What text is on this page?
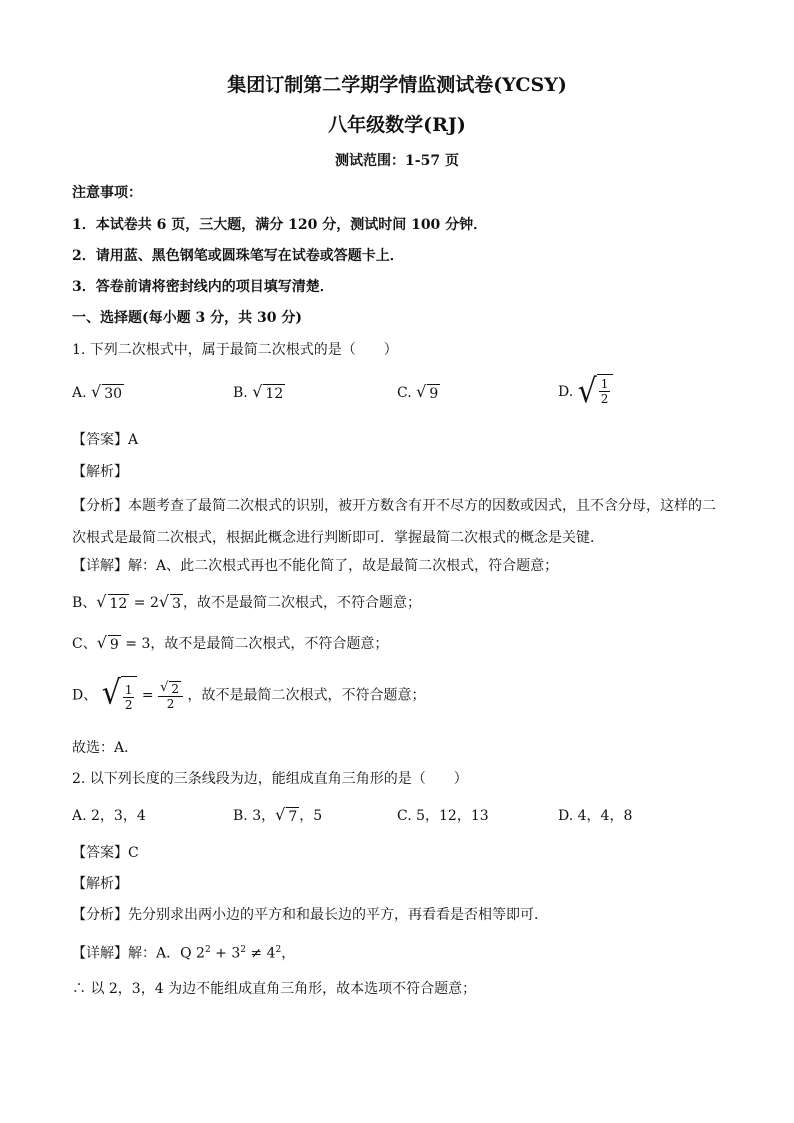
集团订制第二学期学情监测试卷(YCSY)
八年级数学(RJ)
测试范围：1-57 页
注意事项：
1．本试卷共 6 页，三大题，满分 120 分，测试时间 100 分钟．
2．请用蓝、黑色钢笔或圆珠笔写在试卷或答题卡上．
3．答卷前请将密封线内的项目填写清楚．
一、选择题(每小题 3 分，共 30 分)
1. 下列二次根式中，属于最简二次根式的是（　　）
A. √ 30	B. √ 12	C. √ 9	D. √ $\frac{1}{2}$
【答案】A
【解析】
【分析】本题考查了最简二次根式的识别，被开方数含有开不尽方的因数或因式，且不含分母，这样的二次根式是最简二次根式，根据此概念进行判断即可．掌握最简二次根式的概念是关键．
【详解】解：A、此二次根式再也不能化简了，故是最简二次根式，符合题意；
B、 √ 12 = 2 √ 3 ，故不是最简二次根式，不符合题意；
C、 √ 9 = 3，故不是最简二次根式，不符合题意；
D、 √ $\frac{1}{2} = \frac{√ 2}{2}$ ，故不是最简二次根式，不符合题意；
故选：A．
2. 以下列长度的三条线段为边，能组成直角三角形的是（　　）
A. 2，3，4	B. 3， √ 7 ，5	C. 5，12，13	D. 4，4，8
【答案】C
【解析】
【分析】先分别求出两小边的平方和和最长边的平方，再看看是否相等即可．
【详解】解：A．Q $2^2 + 3^2 \ne 4^2$，
∴ 以 2，3，4 为边不能组成直角三角形，故本选项不符合题意；
